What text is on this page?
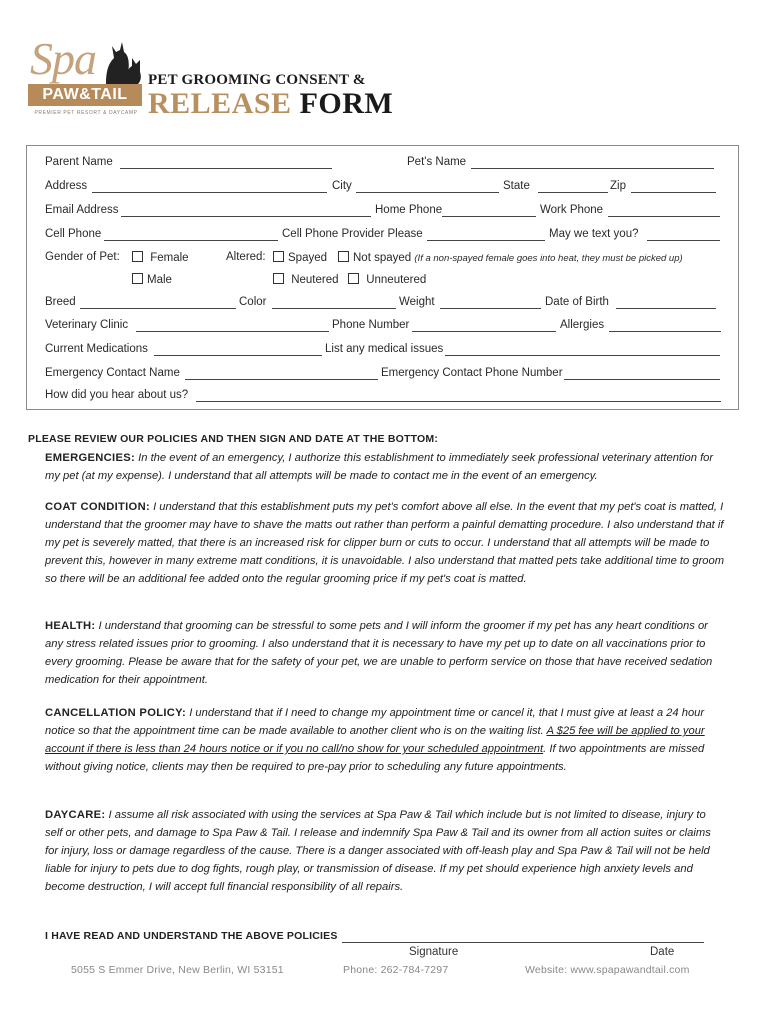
Spa
PAW&TAIL
PREMIER PET RESORT & DAYCAMP
PET GROOMING CONSENT &
RELEASE FORM
Parent Name	Pet's Name
Address	City	State	Zip
Email Address	Home Phone	Work Phone
Cell Phone	Cell Phone Provider Please	May we text you?
Gender of Pet:	Female	Altered:	Spayed	Not spayed (If a non-spayed female goes into heat, they must be picked up)
Male	Neutered	Unneutered
Breed	Color	Weight	Date of Birth
Veterinary Clinic	Phone Number	Allergies
Current Medications	List any medical issues
Emergency Contact Name	Emergency Contact Phone Number
How did you hear about us?
PLEASE REVIEW OUR POLICIES AND THEN SIGN AND DATE AT THE BOTTOM:
EMERGENCIES: In the event of an emergency, I authorize this establishment to immediately seek professional veterinary attention for my pet (at my expense). I understand that all attempts will be made to contact me in the event of an emergency.
COAT CONDITION: I understand that this establishment puts my pet's comfort above all else. In the event that my pet's coat is matted, I understand that the groomer may have to shave the matts out rather than perform a painful dematting procedure. I also understand that if my pet is severely matted, that there is an increased risk for clipper burn or cuts to occur. I understand that all attempts will be made to prevent this, however in many extreme matt conditions, it is unavoidable. I also understand that matted pets take additional time to groom so there will be an additional fee added onto the regular grooming price if my pet's coat is matted.
HEALTH: I understand that grooming can be stressful to some pets and I will inform the groomer if my pet has any heart conditions or any stress related issues prior to grooming. I also understand that it is necessary to have my pet up to date on all vaccinations prior to every grooming. Please be aware that for the safety of your pet, we are unable to perform service on those that have received sedation medication for their appointment.
CANCELLATION POLICY: I understand that if I need to change my appointment time or cancel it, that I must give at least a 24 hour notice so that the appointment time can be made available to another client who is on the waiting list. A $25 fee will be applied to your account if there is less than 24 hours notice or if you no call/no show for your scheduled appointment. If two appointments are missed without giving notice, clients may then be required to pre-pay prior to scheduling any future appointments.
DAYCARE: I assume all risk associated with using the services at Spa Paw & Tail which include but is not limited to disease, injury to self or other pets, and damage to Spa Paw & Tail. I release and indemnify Spa Paw & Tail and its owner from all action suites or claims for injury, loss or damage regardless of the cause. There is a danger associated with off-leash play and Spa Paw & Tail will not be held liable for injury to pets due to dog fights, rough play, or transmission of disease. If my pet should experience high anxiety levels and become destruction, I will accept full financial responsibility of all repairs.
I HAVE READ AND UNDERSTAND THE ABOVE POLICIES
Signature	Date
5055 S Emmer Drive, New Berlin, WI 53151	Phone: 262-784-7297	Website: www.spapawandtail.com
